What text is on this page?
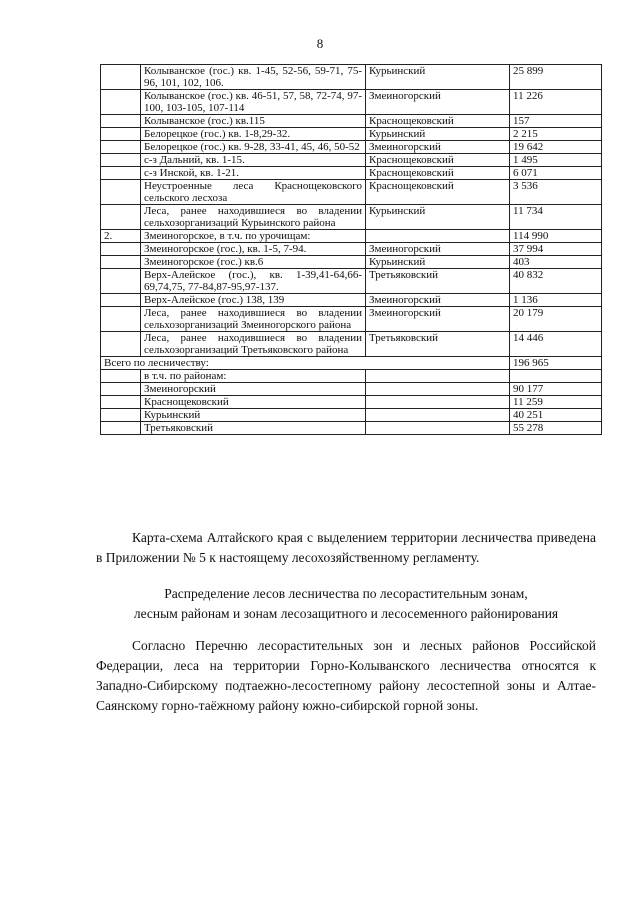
8
	Колыванское (гос.) кв. 1-45, 52-56, 59-71, 75-96, 101, 102, 106.	Курьинский	25 899
	Колыванское (гос.) кв. 46-51, 57, 58, 72-74, 97-100, 103-105, 107-114	Змеиногорский	11 226
	Колыванское (гос.) кв.115	Краснощековский	157
	Белорецкое (гос.) кв. 1-8,29-32.	Курьинский	2 215
	Белорецкое (гос.) кв. 9-28, 33-41, 45, 46, 50-52	Змеиногорский	19 642
	с-з Дальний, кв. 1-15.	Краснощековский	1 495
	с-з Инской, кв. 1-21.	Краснощековский	6 071
	Неустроенные леса Краснощековского сельского лесхоза	Краснощековский	3 536
	Леса, ранее находившиеся во владении сельхозорганизаций Курьинского района	Курьинский	11 734
2.	Змеиногорское, в т.ч. по урочищам:		114 990
	Змеиногорское (гос.), кв. 1-5, 7-94.	Змеиногорский	37 994
	Змеиногорское (гос.) кв.6	Курьинский	403
	Верх-Алейское (гос.), кв. 1-39,41-64,66-69,74,75, 77-84,87-95,97-137.	Третьяковский	40 832
	Верх-Алейское (гос.) 138, 139	Змеиногорский	1 136
	Леса, ранее находившиеся во владении сельхозорганизаций Змеиногорского района	Змеиногорский	20 179
	Леса, ранее находившиеся во владении сельхозорганизаций Третьяковского района	Третьяковский	14 446
Всего по лесничеству:			196 965
	в т.ч. по районам:		
	Змеиногорский		90 177
	Краснощековский		11 259
	Курьинский		40 251
	Третьяковский		55 278

Карта-схема Алтайского края с выделением территории лесничества приведена в Приложении № 5 к настоящему лесохозяйственному регламенту.

Распределение лесов лесничества по лесорастительным зонам,
лесным районам и зонам лесозащитного и лесосеменного районирования

Согласно Перечню лесорастительных зон и лесных районов Российской Федерации, леса на территории Горно-Колыванского лесничества относятся к Западно-Сибирскому подтаежно-лесостепному району лесостепной зоны и Алтае-Саянскому горно-таёжному району южно-сибирской горной зоны.
